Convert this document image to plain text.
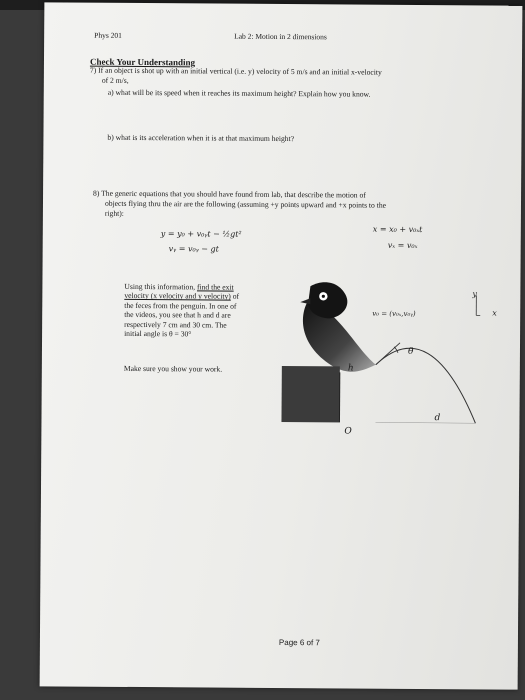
Phys 201	Lab 2: Motion in 2 dimensions
Check Your Understanding
7) If an object is shot up with an initial vertical (i.e. y) velocity of 5 m/s and an initial x-velocity
of 2 m/s,
a) what will be its speed when it reaches its maximum height? Explain how you know.
b) what is its acceleration when it is at that maximum height?
8) The generic equations that you should have found from lab, that describe the motion of
objects flying thru the air are the following (assuming +y points upward and +x points to the
right):
y = y₀ + v₀ᵧt − ½gt²
vᵧ = v₀ᵧ − gt
x = x₀ + v₀ₓt
vₓ = v₀ₓ
Using this information, find the exit
velocity (x velocity and y velocity) of
the feces from the penguin. In one of
the videos, you see that h and d are
respectively 7 cm and 30 cm. The
initial angle is θ = 30°
Make sure you show your work.
v₀ = (v₀ₓ,v₀ᵧ)
θ
h
d
O
y
x
Page 6 of 7
